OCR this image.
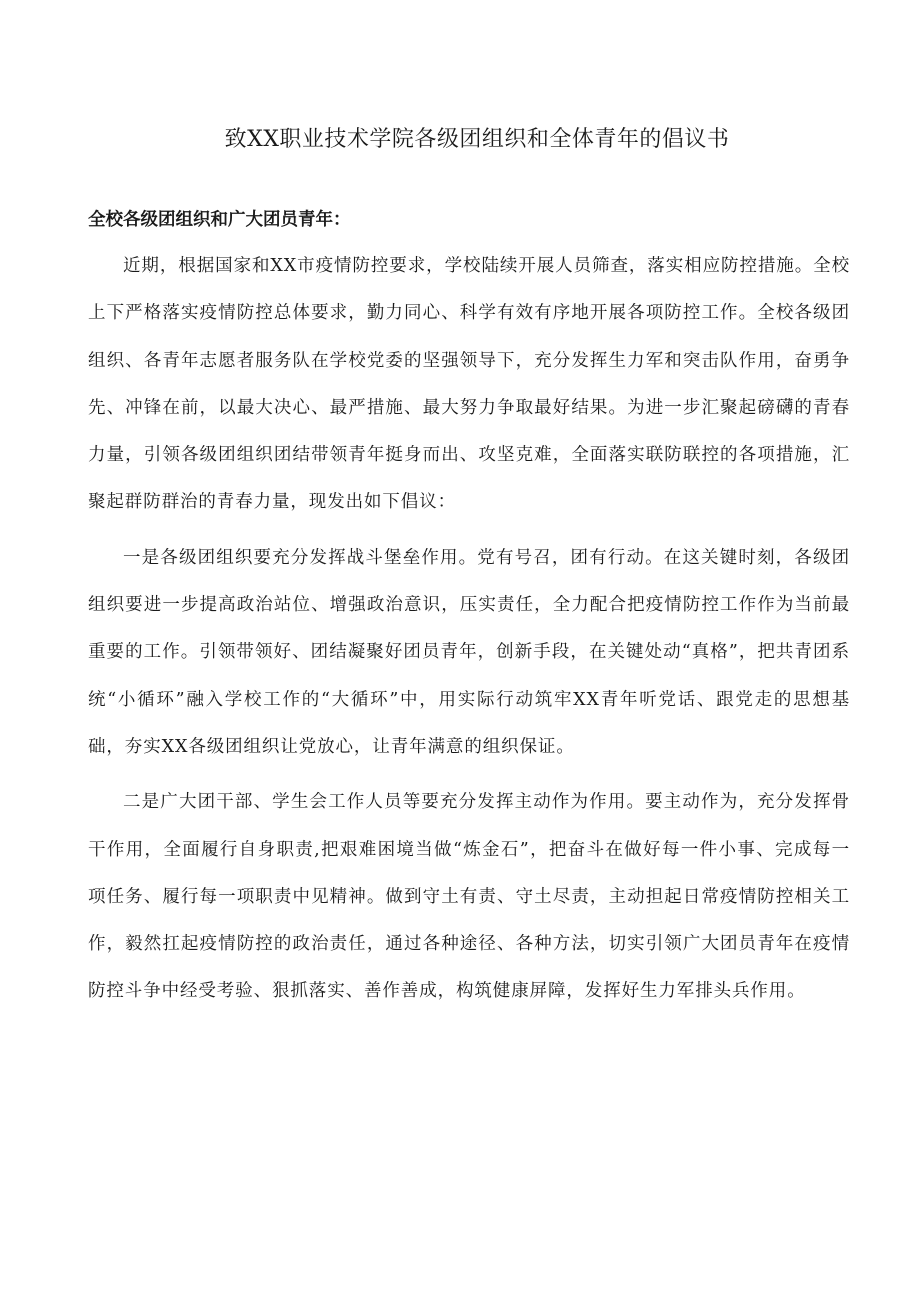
致XX职业技术学院各级团组织和全体青年的倡议书

全校各级团组织和广大团员青年：

近期，根据国家和XX市疫情防控要求，学校陆续开展人员筛查，落实相应防控措施。全校上下严格落实疫情防控总体要求，勤力同心、科学有效有序地开展各项防控工作。全校各级团组织、各青年志愿者服务队在学校党委的坚强领导下，充分发挥生力军和突击队作用，奋勇争先、冲锋在前，以最大决心、最严措施、最大努力争取最好结果。为进一步汇聚起磅礴的青春力量，引领各级团组织团结带领青年挺身而出、攻坚克难，全面落实联防联控的各项措施，汇聚起群防群治的青春力量，现发出如下倡议：

一是各级团组织要充分发挥战斗堡垒作用。党有号召，团有行动。在这关键时刻，各级团组织要进一步提高政治站位、增强政治意识，压实责任，全力配合把疫情防控工作作为当前最重要的工作。引领带领好、团结凝聚好团员青年，创新手段，在关键处动“真格”，把共青团系统“小循环”融入学校工作的“大循环”中，用实际行动筑牢XX青年听党话、跟党走的思想基础，夯实XX各级团组织让党放心，让青年满意的组织保证。

二是广大团干部、学生会工作人员等要充分发挥主动作为作用。要主动作为，充分发挥骨干作用，全面履行自身职责,把艰难困境当做“炼金石”，把奋斗在做好每一件小事、完成每一项任务、履行每一项职责中见精神。做到守土有责、守土尽责，主动担起日常疫情防控相关工作，毅然扛起疫情防控的政治责任，通过各种途径、各种方法，切实引领广大团员青年在疫情防控斗争中经受考验、狠抓落实、善作善成，构筑健康屏障，发挥好生力军排头兵作用。
